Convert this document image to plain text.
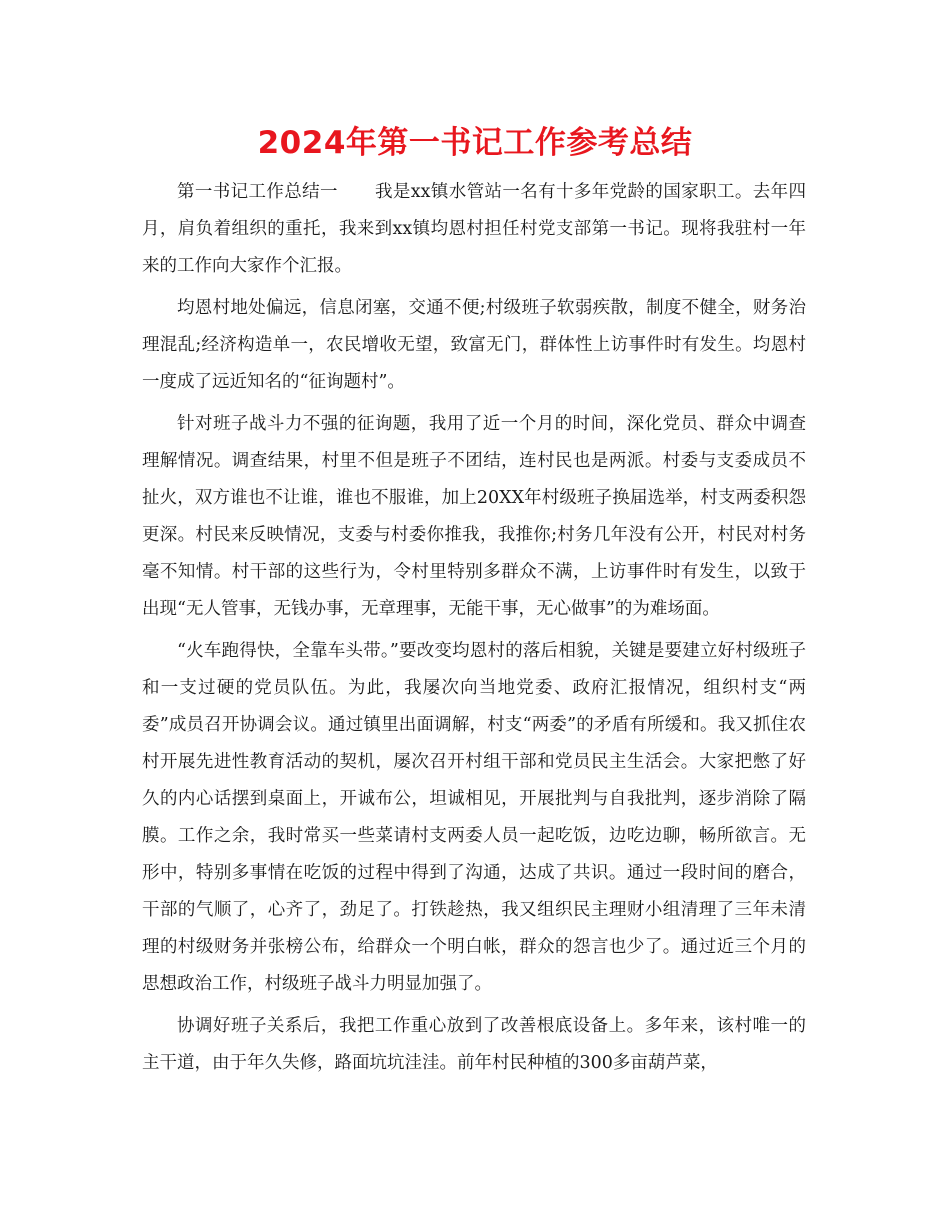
2024年第一书记工作参考总结

第一书记工作总结一 我是xx镇水管站一名有十多年党龄的国家职工。去年四月，肩负着组织的重托，我来到xx镇均恩村担任村党支部第一书记。现将我驻村一年来的工作向大家作个汇报。

均恩村地处偏远，信息闭塞，交通不便;村级班子软弱疾散，制度不健全，财务治理混乱;经济构造单一，农民增收无望，致富无门，群体性上访事件时有发生。均恩村一度成了远近知名的“征询题村”。

针对班子战斗力不强的征询题，我用了近一个月的时间，深化党员、群众中调查理解情况。调查结果，村里不但是班子不团结，连村民也是两派。村委与支委成员不扯火，双方谁也不让谁，谁也不服谁，加上20XX年村级班子换届选举，村支两委积怨更深。村民来反映情况，支委与村委你推我，我推你;村务几年没有公开，村民对村务毫不知情。村干部的这些行为，令村里特别多群众不满，上访事件时有发生，以致于出现“无人管事，无钱办事，无章理事，无能干事，无心做事”的为难场面。

“火车跑得快，全靠车头带。”要改变均恩村的落后相貌，关键是要建立好村级班子和一支过硬的党员队伍。为此，我屡次向当地党委、政府汇报情况，组织村支“两委”成员召开协调会议。通过镇里出面调解，村支“两委”的矛盾有所缓和。我又抓住农村开展先进性教育活动的契机，屡次召开村组干部和党员民主生活会。大家把憋了好久的内心话摆到桌面上，开诚布公，坦诚相见，开展批判与自我批判，逐步消除了隔膜。工作之余，我时常买一些菜请村支两委人员一起吃饭，边吃边聊，畅所欲言。无形中，特别多事情在吃饭的过程中得到了沟通，达成了共识。通过一段时间的磨合，干部的气顺了，心齐了，劲足了。打铁趁热，我又组织民主理财小组清理了三年未清理的村级财务并张榜公布，给群众一个明白帐，群众的怨言也少了。通过近三个月的思想政治工作，村级班子战斗力明显加强了。

协调好班子关系后，我把工作重心放到了改善根底设备上。多年来，该村唯一的主干道，由于年久失修，路面坑坑洼洼。前年村民种植的300多亩葫芦菜，
